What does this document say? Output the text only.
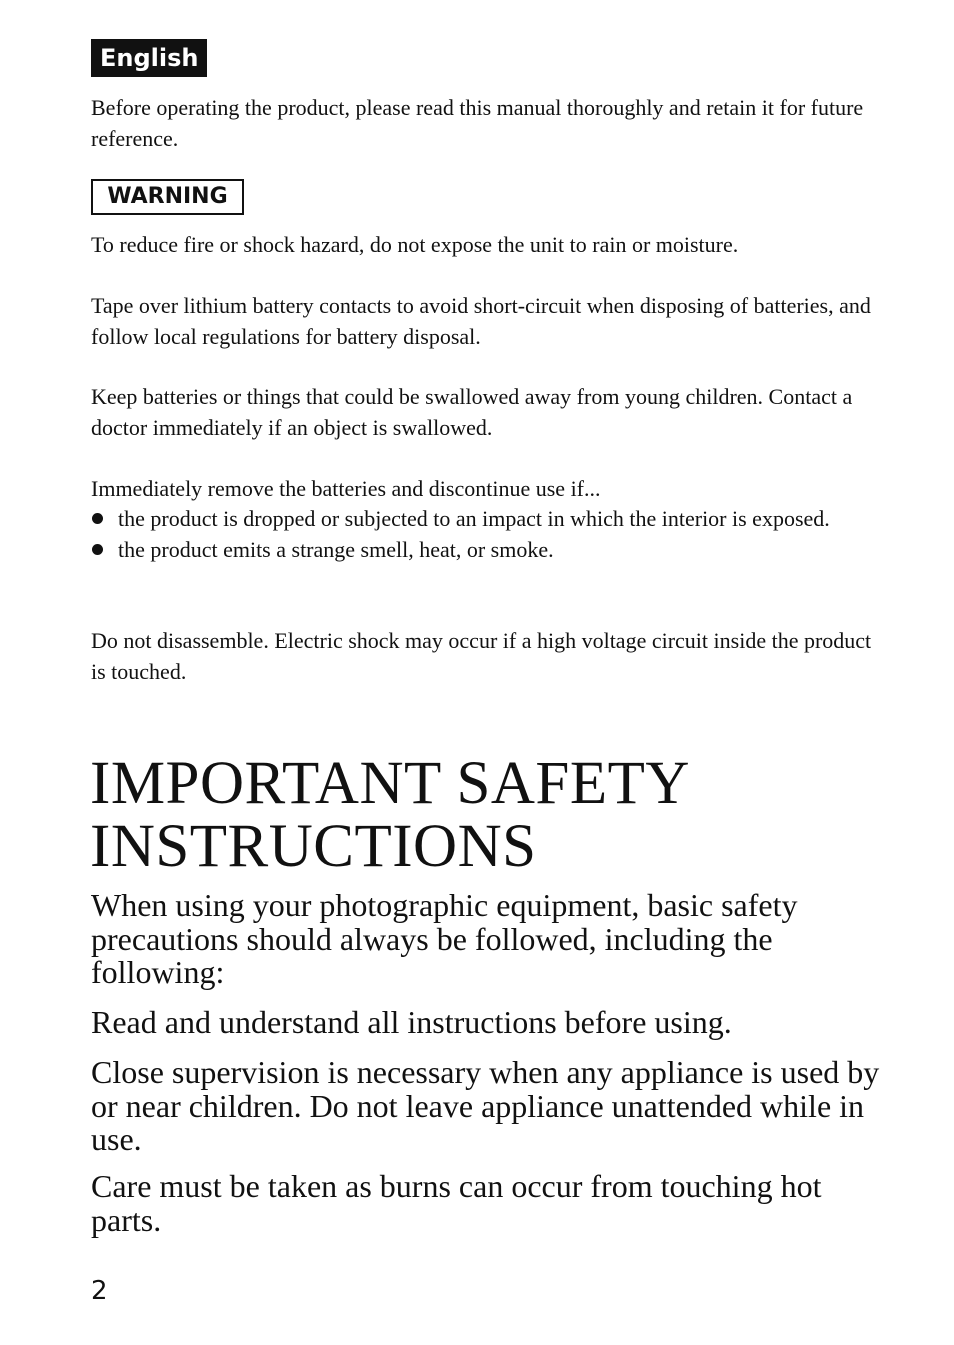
English

Before operating the product, please read this manual thoroughly and retain it for future reference.

WARNING

To reduce fire or shock hazard, do not expose the unit to rain or moisture.

Tape over lithium battery contacts to avoid short-circuit when disposing of batteries, and follow local regulations for battery disposal.

Keep batteries or things that could be swallowed away from young children. Contact a doctor immediately if an object is swallowed.

Immediately remove the batteries and discontinue use if...

the product is dropped or subjected to an impact in which the interior is exposed.
the product emits a strange smell, heat, or smoke.

Do not disassemble. Electric shock may occur if a high voltage circuit inside the product is touched.

IMPORTANT SAFETY INSTRUCTIONS

When using your photographic equipment, basic safety precautions should always be followed, including the following:

Read and understand all instructions before using.

Close supervision is necessary when any appliance is used by or near children. Do not leave appliance unattended while in use.

Care must be taken as burns can occur from touching hot parts.

2
